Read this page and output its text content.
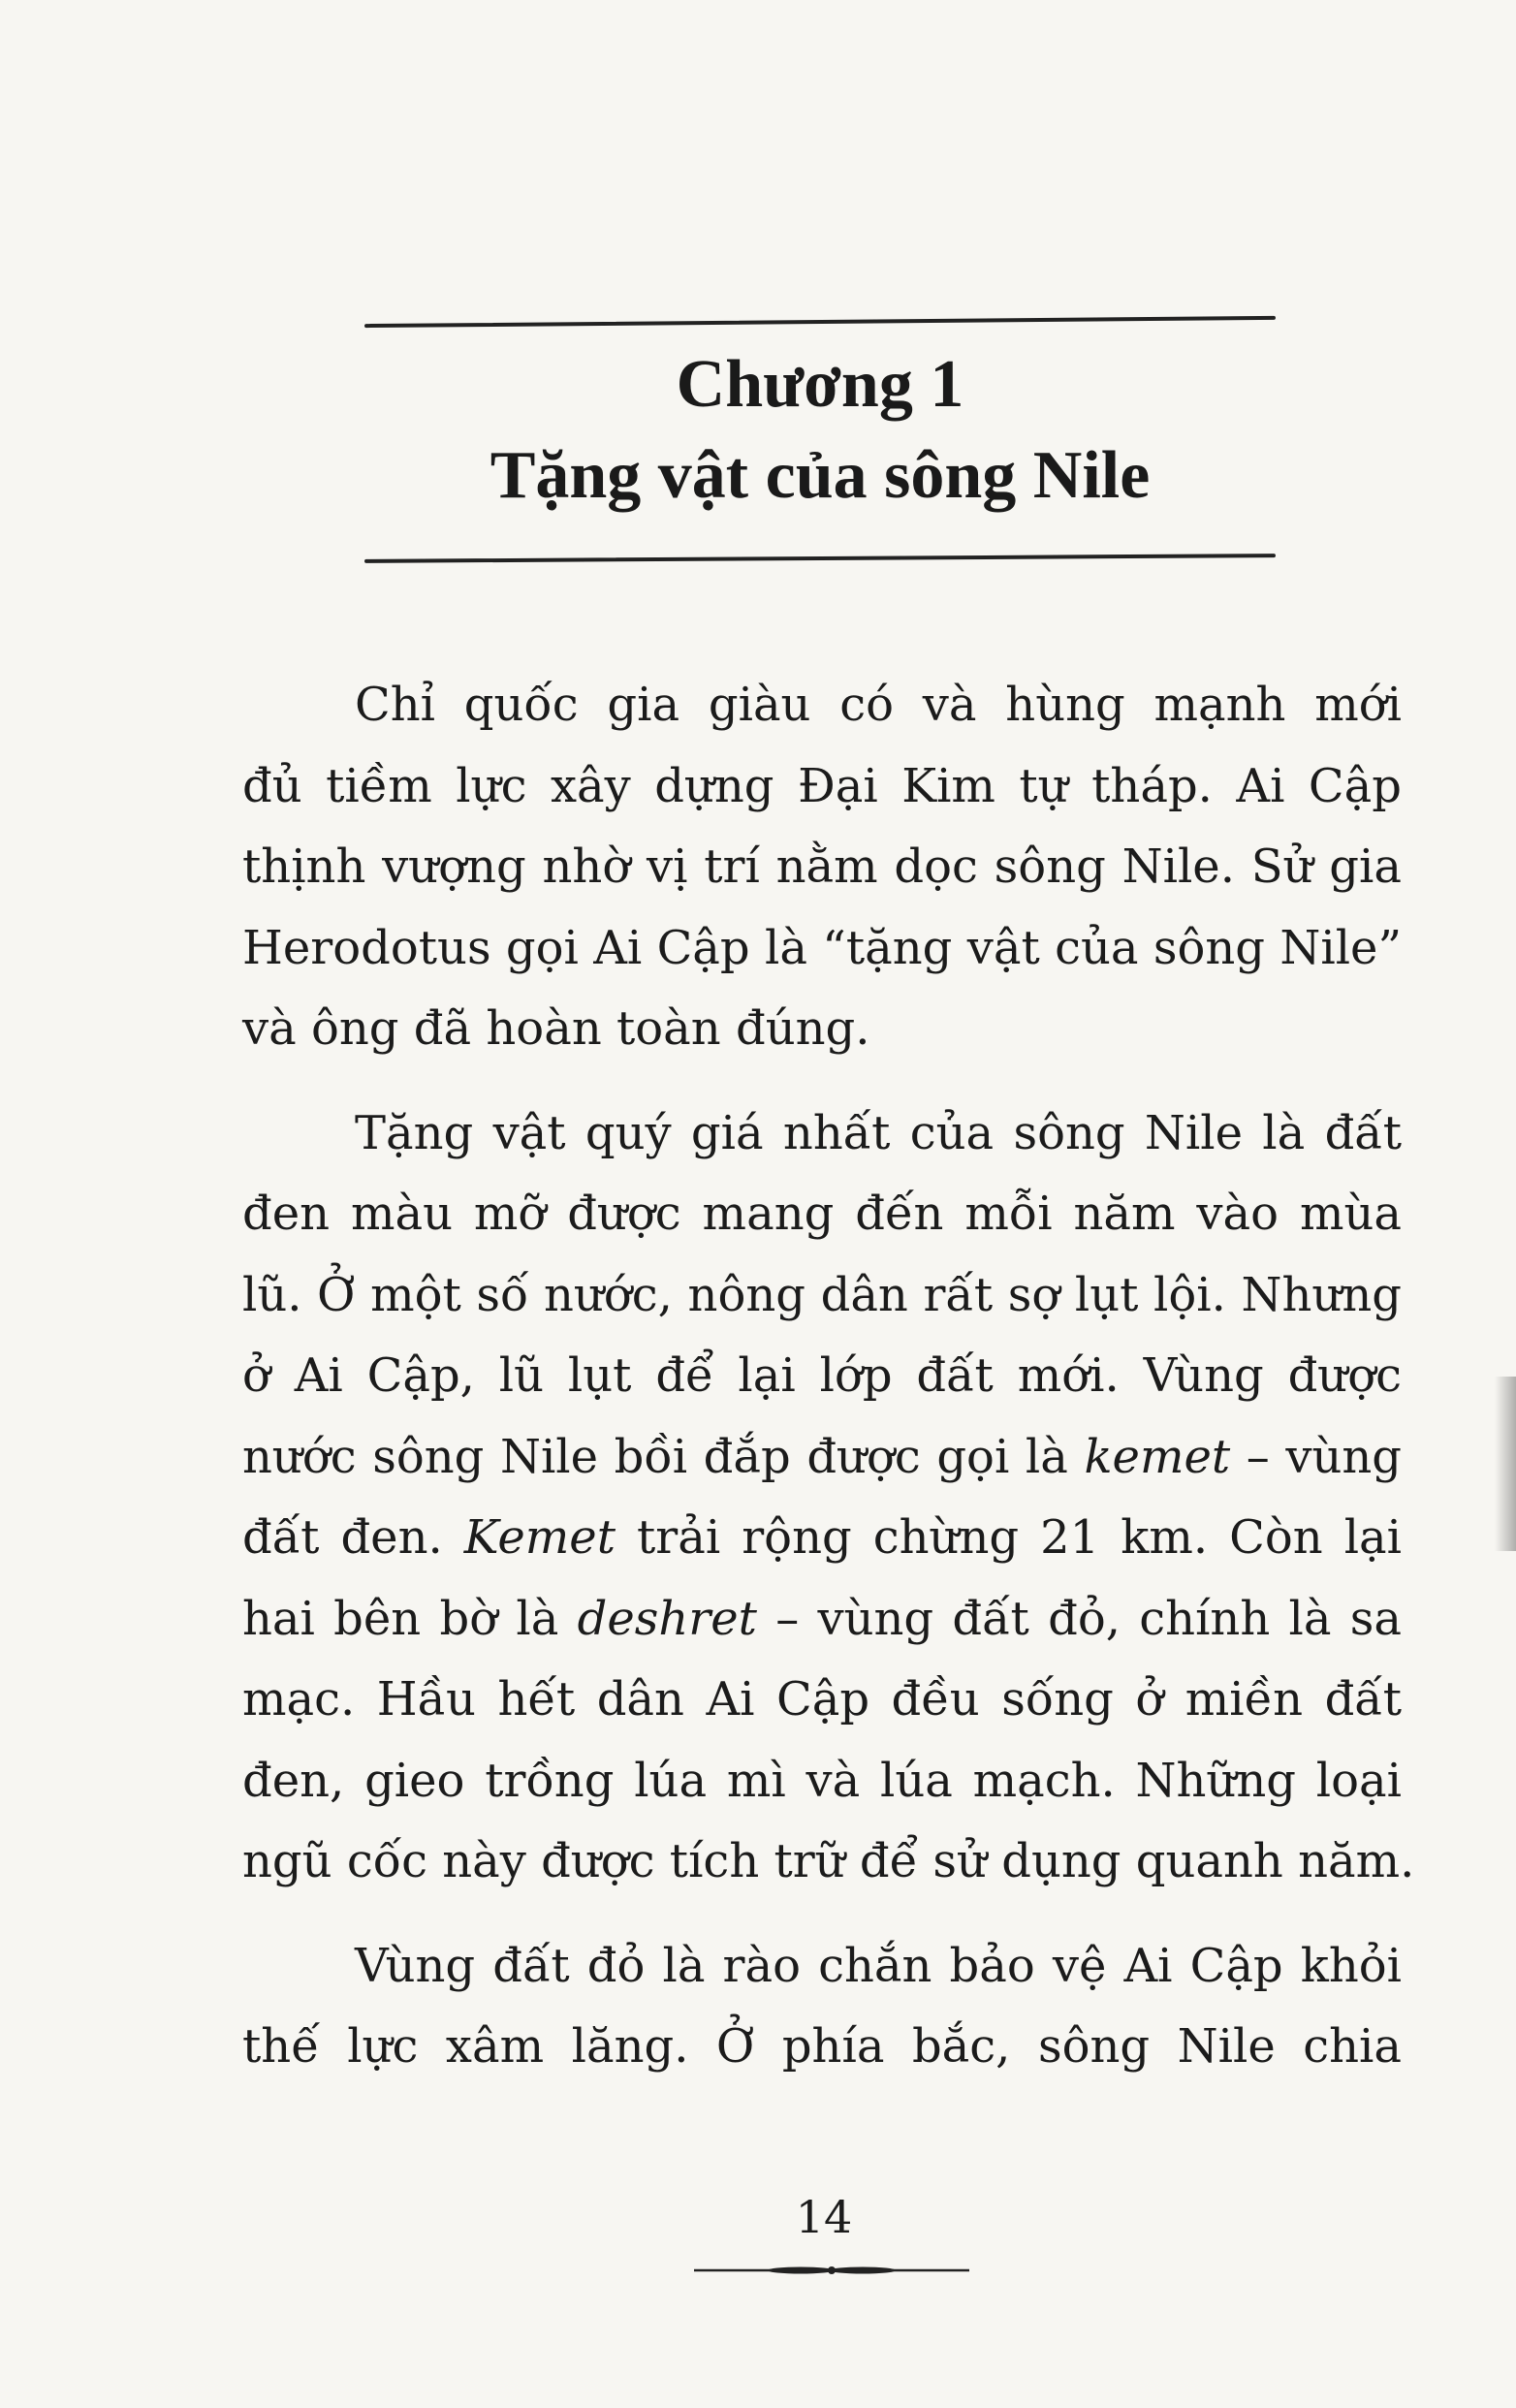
Chương 1
Tặng vật của sông Nile

Chỉ quốc gia giàu có và hùng mạnh mới
đủ tiềm lực xây dựng Đại Kim tự tháp. Ai Cập
thịnh vượng nhờ vị trí nằm dọc sông Nile. Sử gia
Herodotus gọi Ai Cập là “tặng vật của sông Nile”
và ông đã hoàn toàn đúng.

Tặng vật quý giá nhất của sông Nile là đất
đen màu mỡ được mang đến mỗi năm vào mùa
lũ. Ở một số nước, nông dân rất sợ lụt lội. Nhưng
ở Ai Cập, lũ lụt để lại lớp đất mới. Vùng được
nước sông Nile bồi đắp được gọi là kemet – vùng
đất đen. Kemet trải rộng chừng 21 km. Còn lại
hai bên bờ là deshret – vùng đất đỏ, chính là sa
mạc. Hầu hết dân Ai Cập đều sống ở miền đất
đen, gieo trồng lúa mì và lúa mạch. Những loại
ngũ cốc này được tích trữ để sử dụng quanh năm.

Vùng đất đỏ là rào chắn bảo vệ Ai Cập khỏi
thế lực xâm lăng. Ở phía bắc, sông Nile chia

14
